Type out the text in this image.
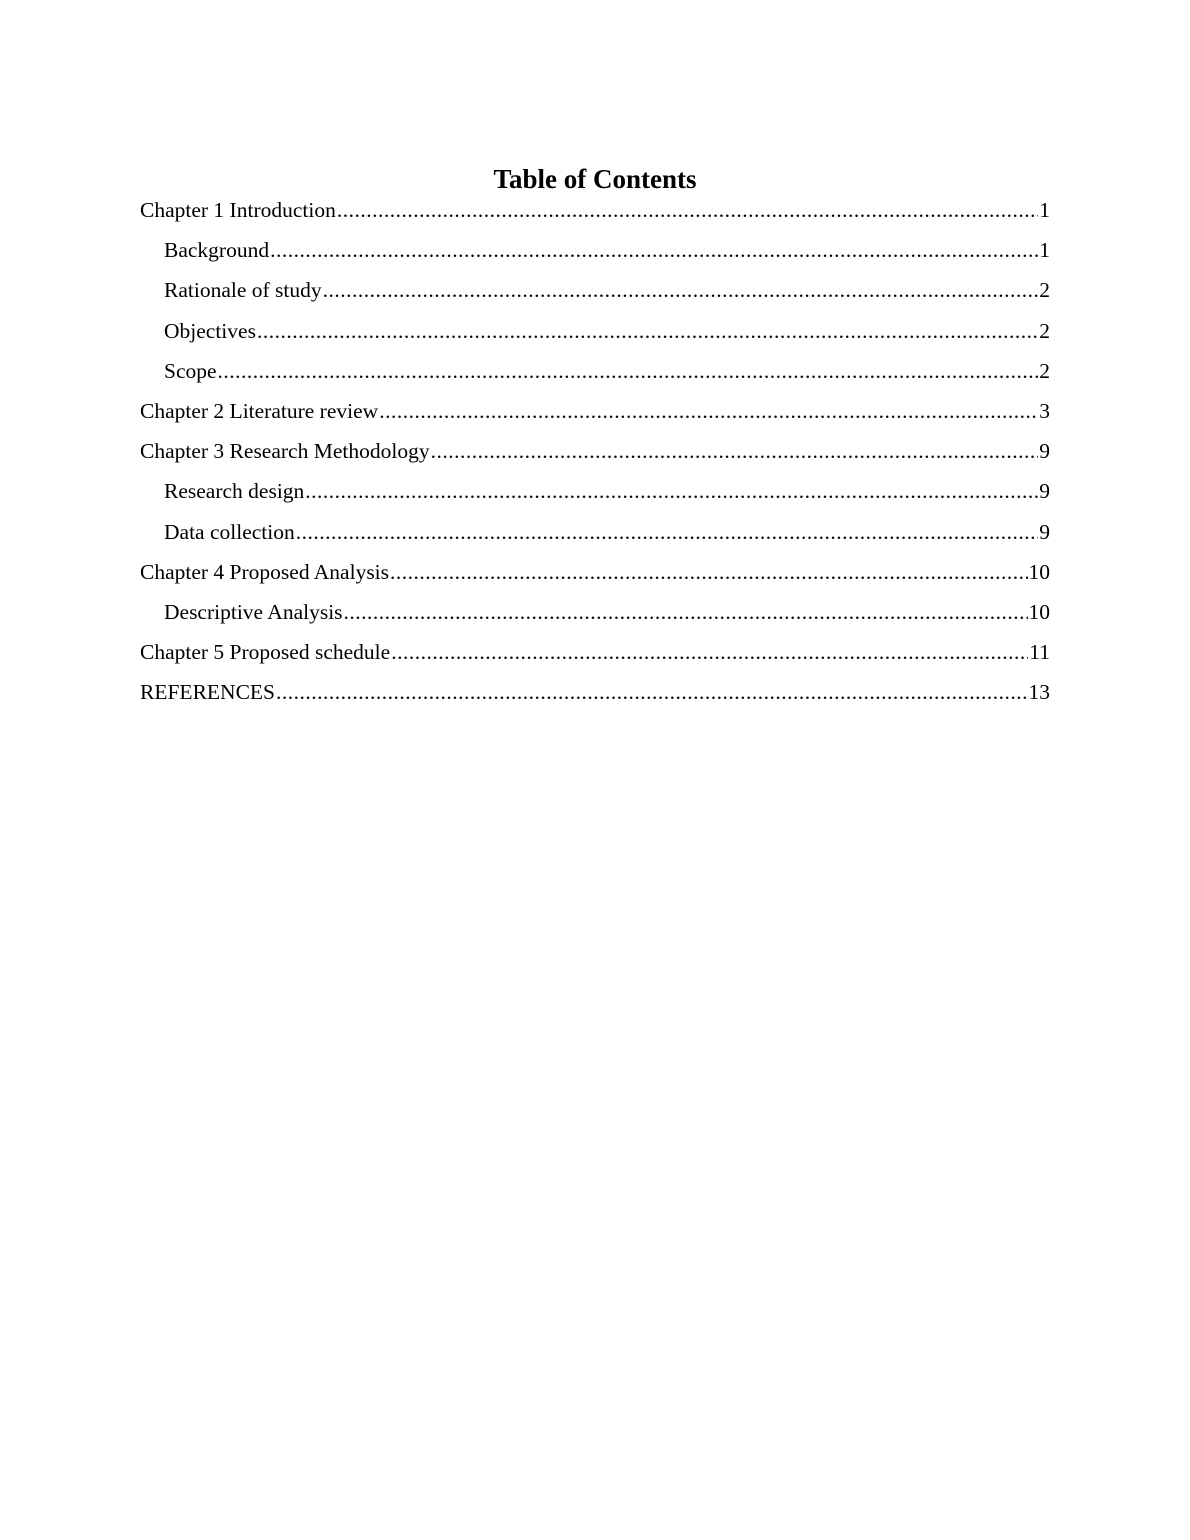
Table of Contents
Chapter 1 Introduction .....	1
Background .....	1
Rationale of study .....	2
Objectives .....	2
Scope .....	2
Chapter 2 Literature review .....	3
Chapter 3 Research Methodology .....	9
Research design .....	9
Data collection .....	9
Chapter 4 Proposed Analysis .....	10
Descriptive Analysis .....	10
Chapter 5 Proposed schedule .....	11
REFERENCES .....	13
